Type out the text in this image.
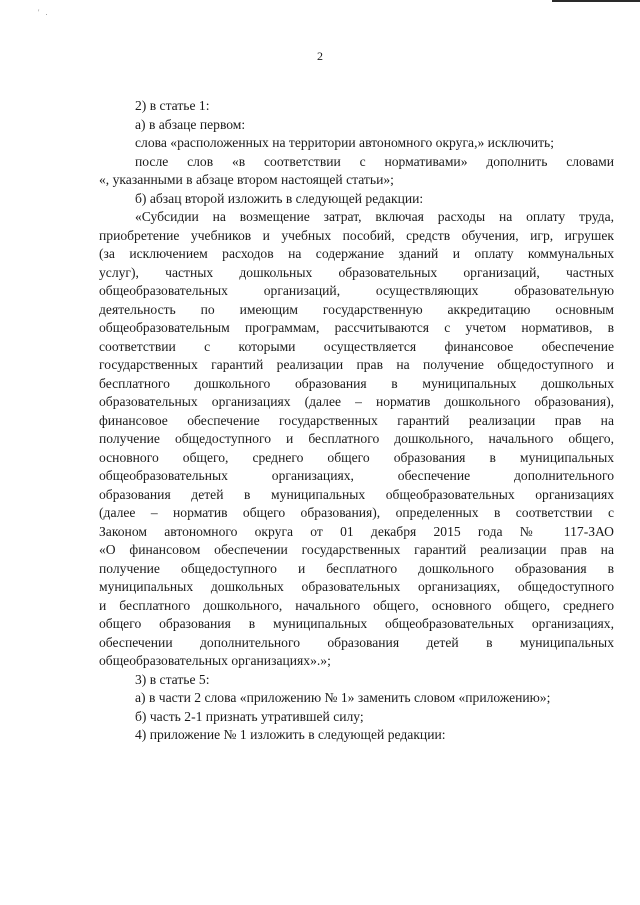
' .
2
2) в статье 1:
а) в абзаце первом:
слова «расположенных на территории автономного округа,» исключить;
после слов «в соответствии с нормативами» дополнить словами
«, указанными в абзаце втором настоящей статьи»;
б) абзац второй изложить в следующей редакции:
«Субсидии на возмещение затрат, включая расходы на оплату труда,
приобретение учебников и учебных пособий, средств обучения, игр, игрушек
(за исключением расходов на содержание зданий и оплату коммунальных
услуг), частных дошкольных образовательных организаций, частных
общеобразовательных организаций, осуществляющих образовательную
деятельность по имеющим государственную аккредитацию основным
общеобразовательным программам, рассчитываются с учетом нормативов, в
соответствии с которыми осуществляется финансовое обеспечение
государственных гарантий реализации прав на получение общедоступного и
бесплатного дошкольного образования в муниципальных дошкольных
образовательных организациях (далее – норматив дошкольного образования),
финансовое обеспечение государственных гарантий реализации прав на
получение общедоступного и бесплатного дошкольного, начального общего,
основного общего, среднего общего образования в муниципальных
общеобразовательных организациях, обеспечение дополнительного
образования детей в муниципальных общеобразовательных организациях
(далее – норматив общего образования), определенных в соответствии с
Законом автономного округа от 01 декабря 2015 года № 117-ЗАО
«О финансовом обеспечении государственных гарантий реализации прав на
получение общедоступного и бесплатного дошкольного образования в
муниципальных дошкольных образовательных организациях, общедоступного
и бесплатного дошкольного, начального общего, основного общего, среднего
общего образования в муниципальных общеобразовательных организациях,
обеспечении дополнительного образования детей в муниципальных
общеобразовательных организациях».»;
3) в статье 5:
а) в части 2 слова «приложению № 1» заменить словом «приложению»;
б) часть 2-1 признать утратившей силу;
4) приложение № 1 изложить в следующей редакции:
